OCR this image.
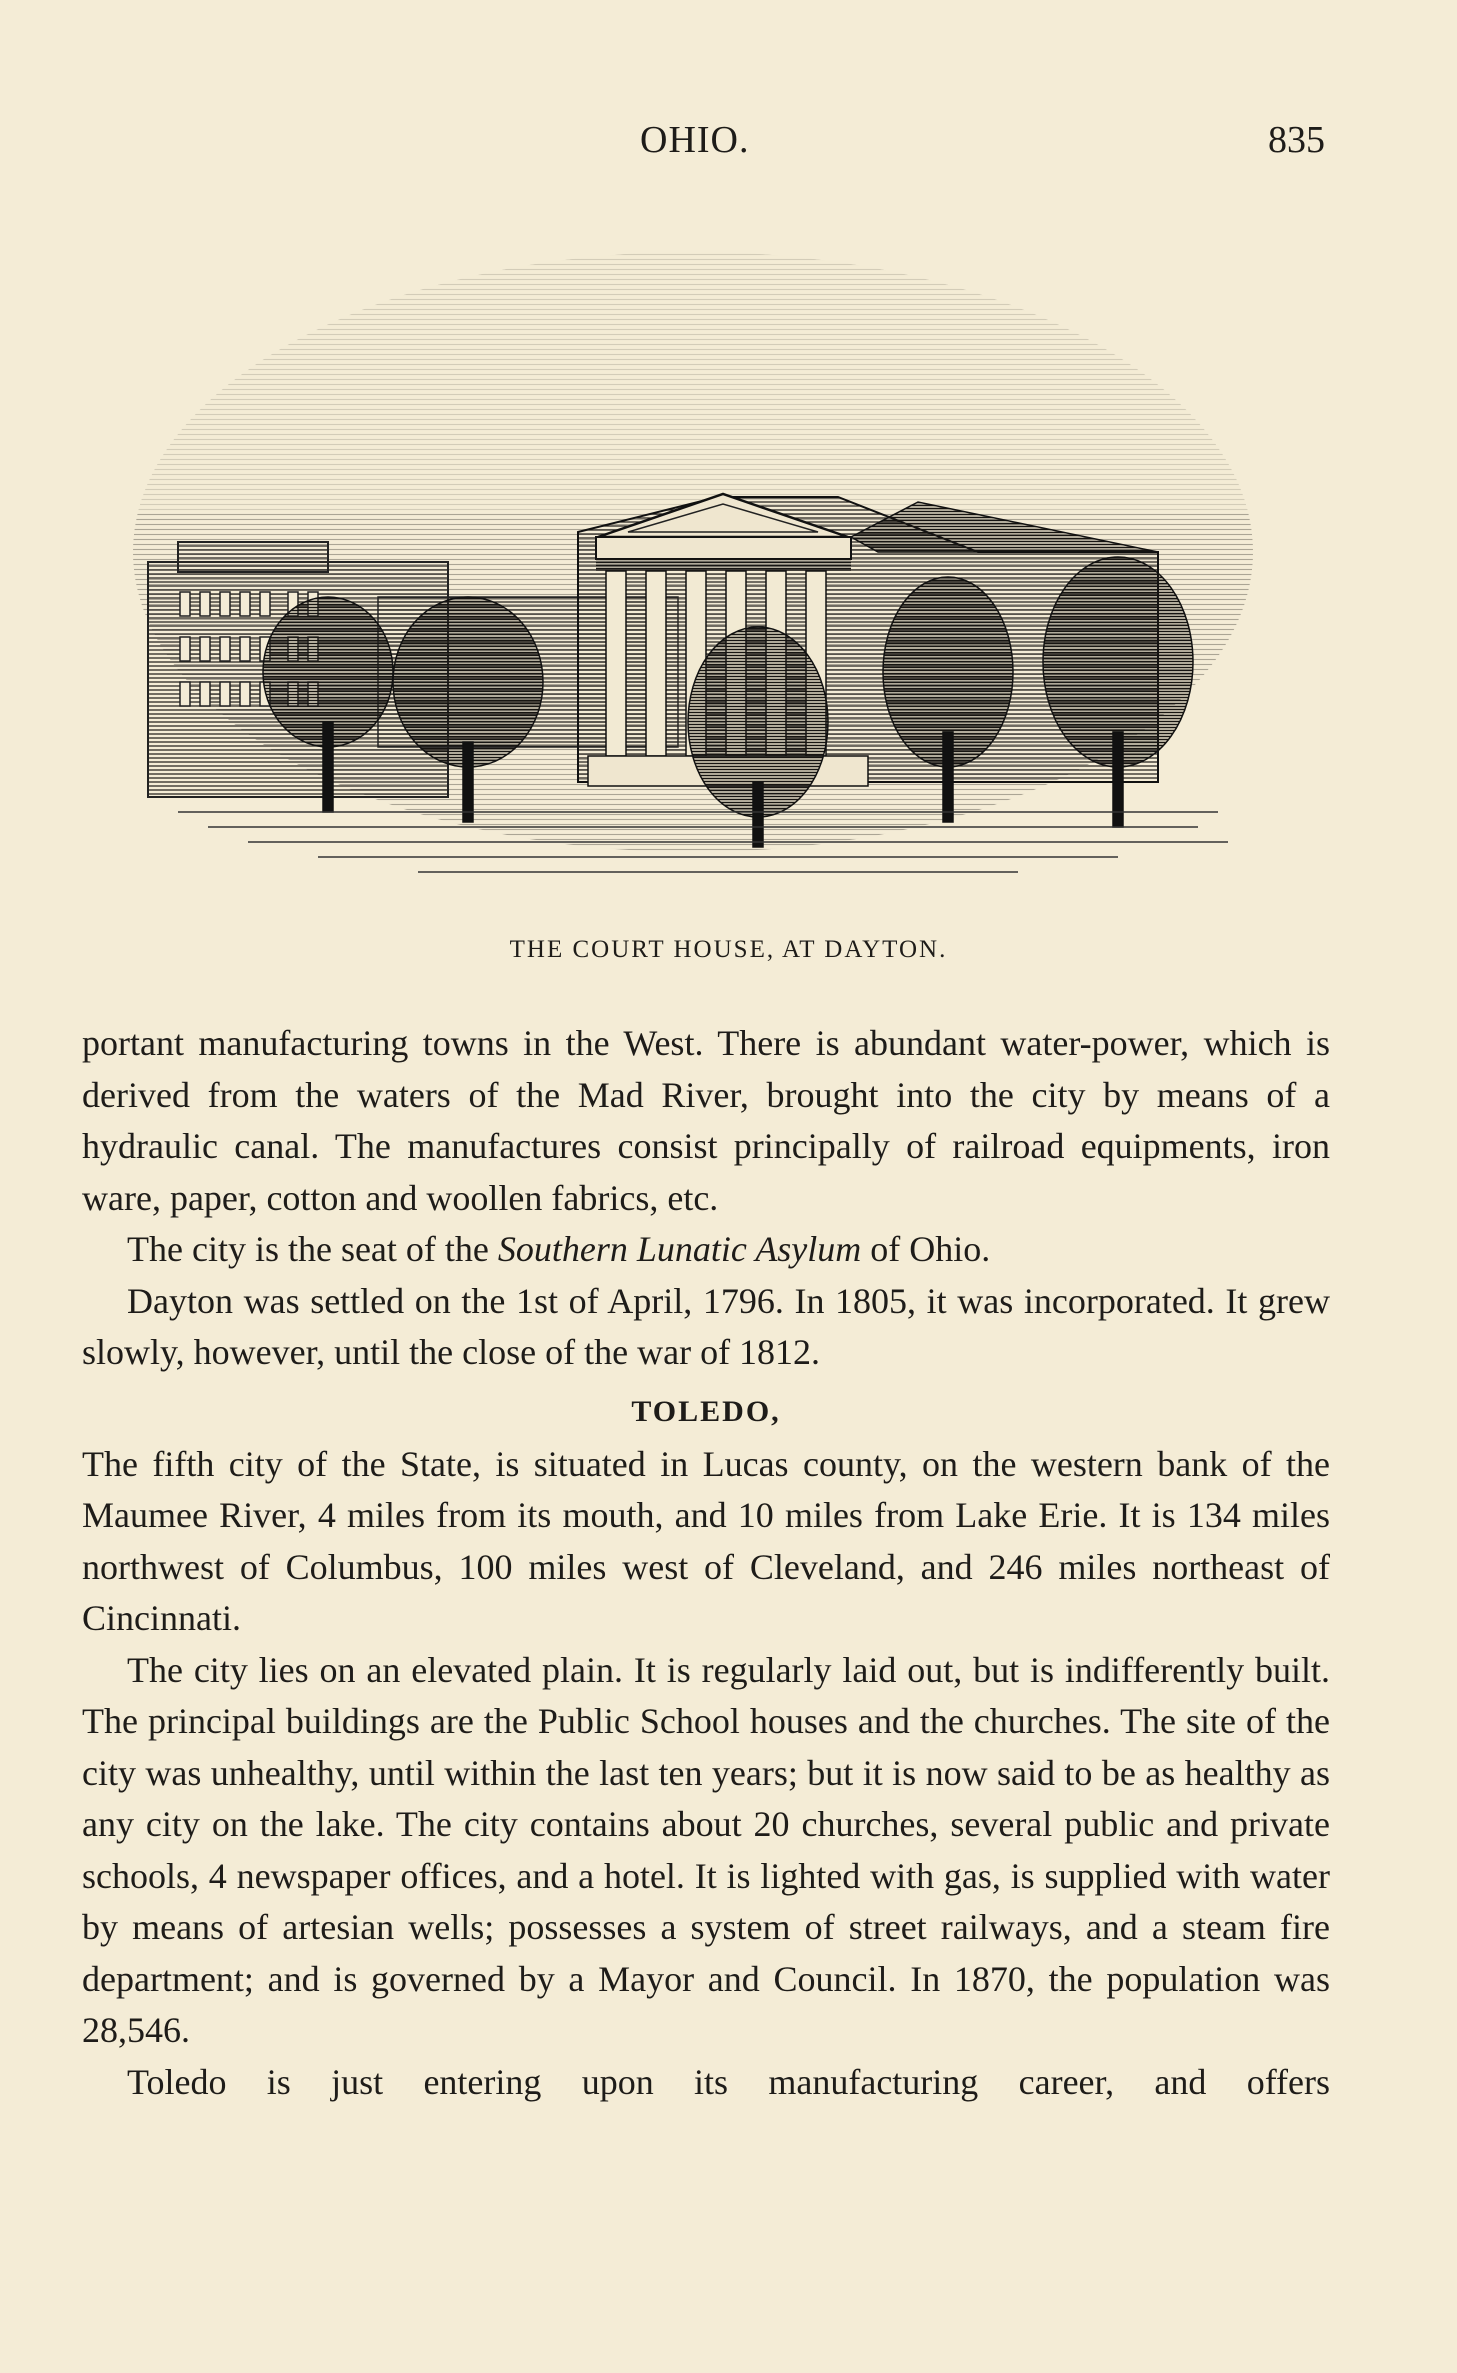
OHIO.	835
THE COURT HOUSE, AT DAYTON.

portant manufacturing towns in the West. There is abundant water-power, which is derived from the waters of the Mad River, brought into the city by means of a hydraulic canal. The manufactures consist principally of railroad equipments, iron ware, paper, cotton and woollen fabrics, etc.

The city is the seat of the Southern Lunatic Asylum of Ohio.

Dayton was settled on the 1st of April, 1796. In 1805, it was incorporated. It grew slowly, however, until the close of the war of 1812.

TOLEDO,

The fifth city of the State, is situated in Lucas county, on the western bank of the Maumee River, 4 miles from its mouth, and 10 miles from Lake Erie. It is 134 miles northwest of Columbus, 100 miles west of Cleveland, and 246 miles northeast of Cincinnati.

The city lies on an elevated plain. It is regularly laid out, but is indifferently built. The principal buildings are the Public School houses and the churches. The site of the city was unhealthy, until within the last ten years; but it is now said to be as healthy as any city on the lake. The city contains about 20 churches, several public and private schools, 4 newspaper offices, and a hotel. It is lighted with gas, is supplied with water by means of artesian wells; possesses a system of street railways, and a steam fire department; and is governed by a Mayor and Council. In 1870, the population was 28,546.

Toledo is just entering upon its manufacturing career, and offers
